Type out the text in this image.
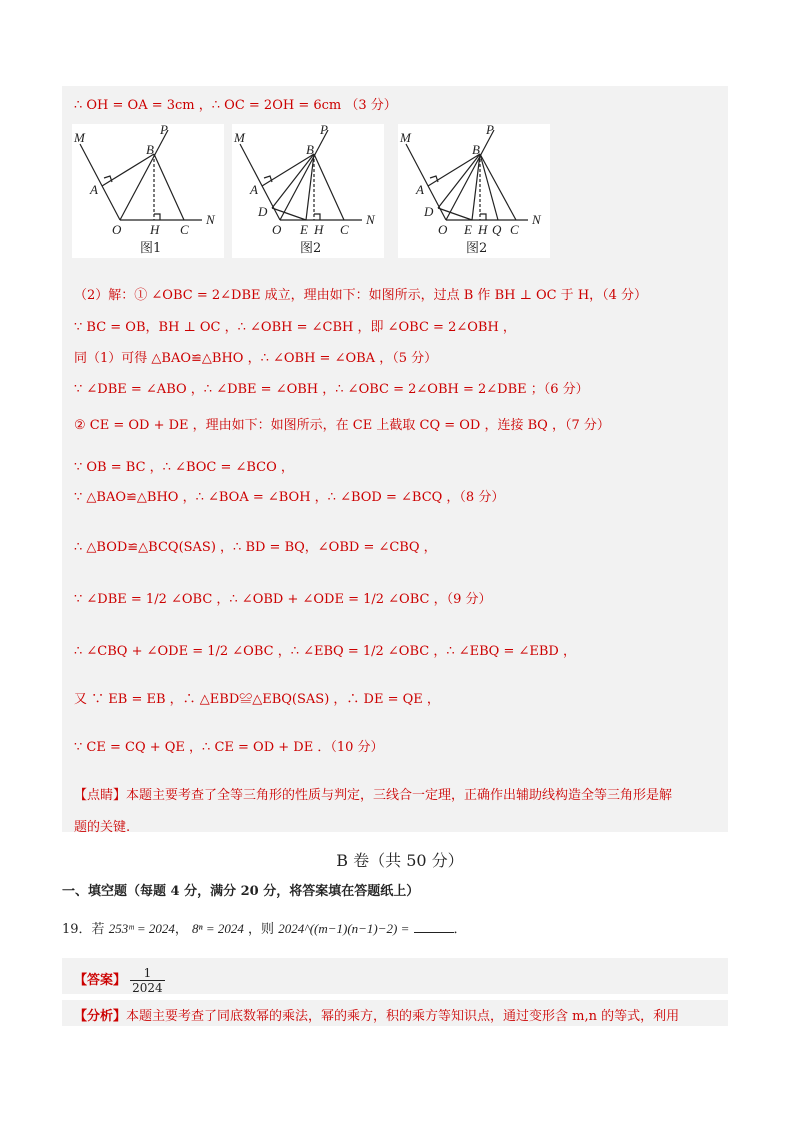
∴ OH = OA = 3cm ，∴ OC = 2OH = 6cm （3 分）
（2）解：① ∠OBC = 2∠DBE 成立，理由如下：如图所示，过点 B 作 BH ⊥ OC 于 H，（4 分）
∵ BC = OB，BH ⊥ OC ，∴ ∠OBH = ∠CBH ，即 ∠OBC = 2∠OBH ，
同（1）可得 △BAO≌△BHO ，∴ ∠OBH = ∠OBA ，（5 分）
∵ ∠DBE = ∠ABO ，∴ ∠DBE = ∠OBH ，∴ ∠OBC = 2∠OBH = 2∠DBE ；（6 分）
② CE = OD + DE ，理由如下：如图所示，在 CE 上截取 CQ = OD ，连接 BQ ，（7 分）
∵ OB = BC ，∴ ∠BOC = ∠BCO ，
∵ △BAO≌△BHO ，∴ ∠BOA = ∠BOH ，∴ ∠BOD = ∠BCQ ，（8 分）
∴ △BOD≌△BCQ(SAS) ，∴ BD = BQ，∠OBD = ∠CBQ ，
∵ ∠DBE = 1/2 ∠OBC ，∴ ∠OBD + ∠ODE = 1/2 ∠OBC ，（9 分）
∴ ∠CBQ + ∠ODE = 1/2 ∠OBC ，∴ ∠EBQ = 1/2 ∠OBC ，∴ ∠EBQ = ∠EBD ，
又 ∵ EB = EB ，∴ △EBD≌△EBQ(SAS) ，∴ DE = QE ，
∵ CE = CQ + QE ，∴ CE = OD + DE ．（10 分）
【点睛】本题主要考查了全等三角形的性质与判定，三线合一定理，正确作出辅助线构造全等三角形是解
题的关键.
M
P
B
A
O H C
N
图1
M
P
B
A
D
O E H C
N
图2
M
P
B
A
D
O E H Q C
N
图2
B 卷（共 50 分）
一、填空题（每题 4 分，满分 20 分，将答案填在答题纸上）
19．若 253ᵐ = 2024， 8ⁿ = 2024 ，则 2024^((m−1)(n−1)−2) =	．
【答案】 $\frac{1}{2024}$
【分析】本题主要考查了同底数幂的乘法，幂的乘方，积的乘方等知识点，通过变形含 m,n 的等式，利用
